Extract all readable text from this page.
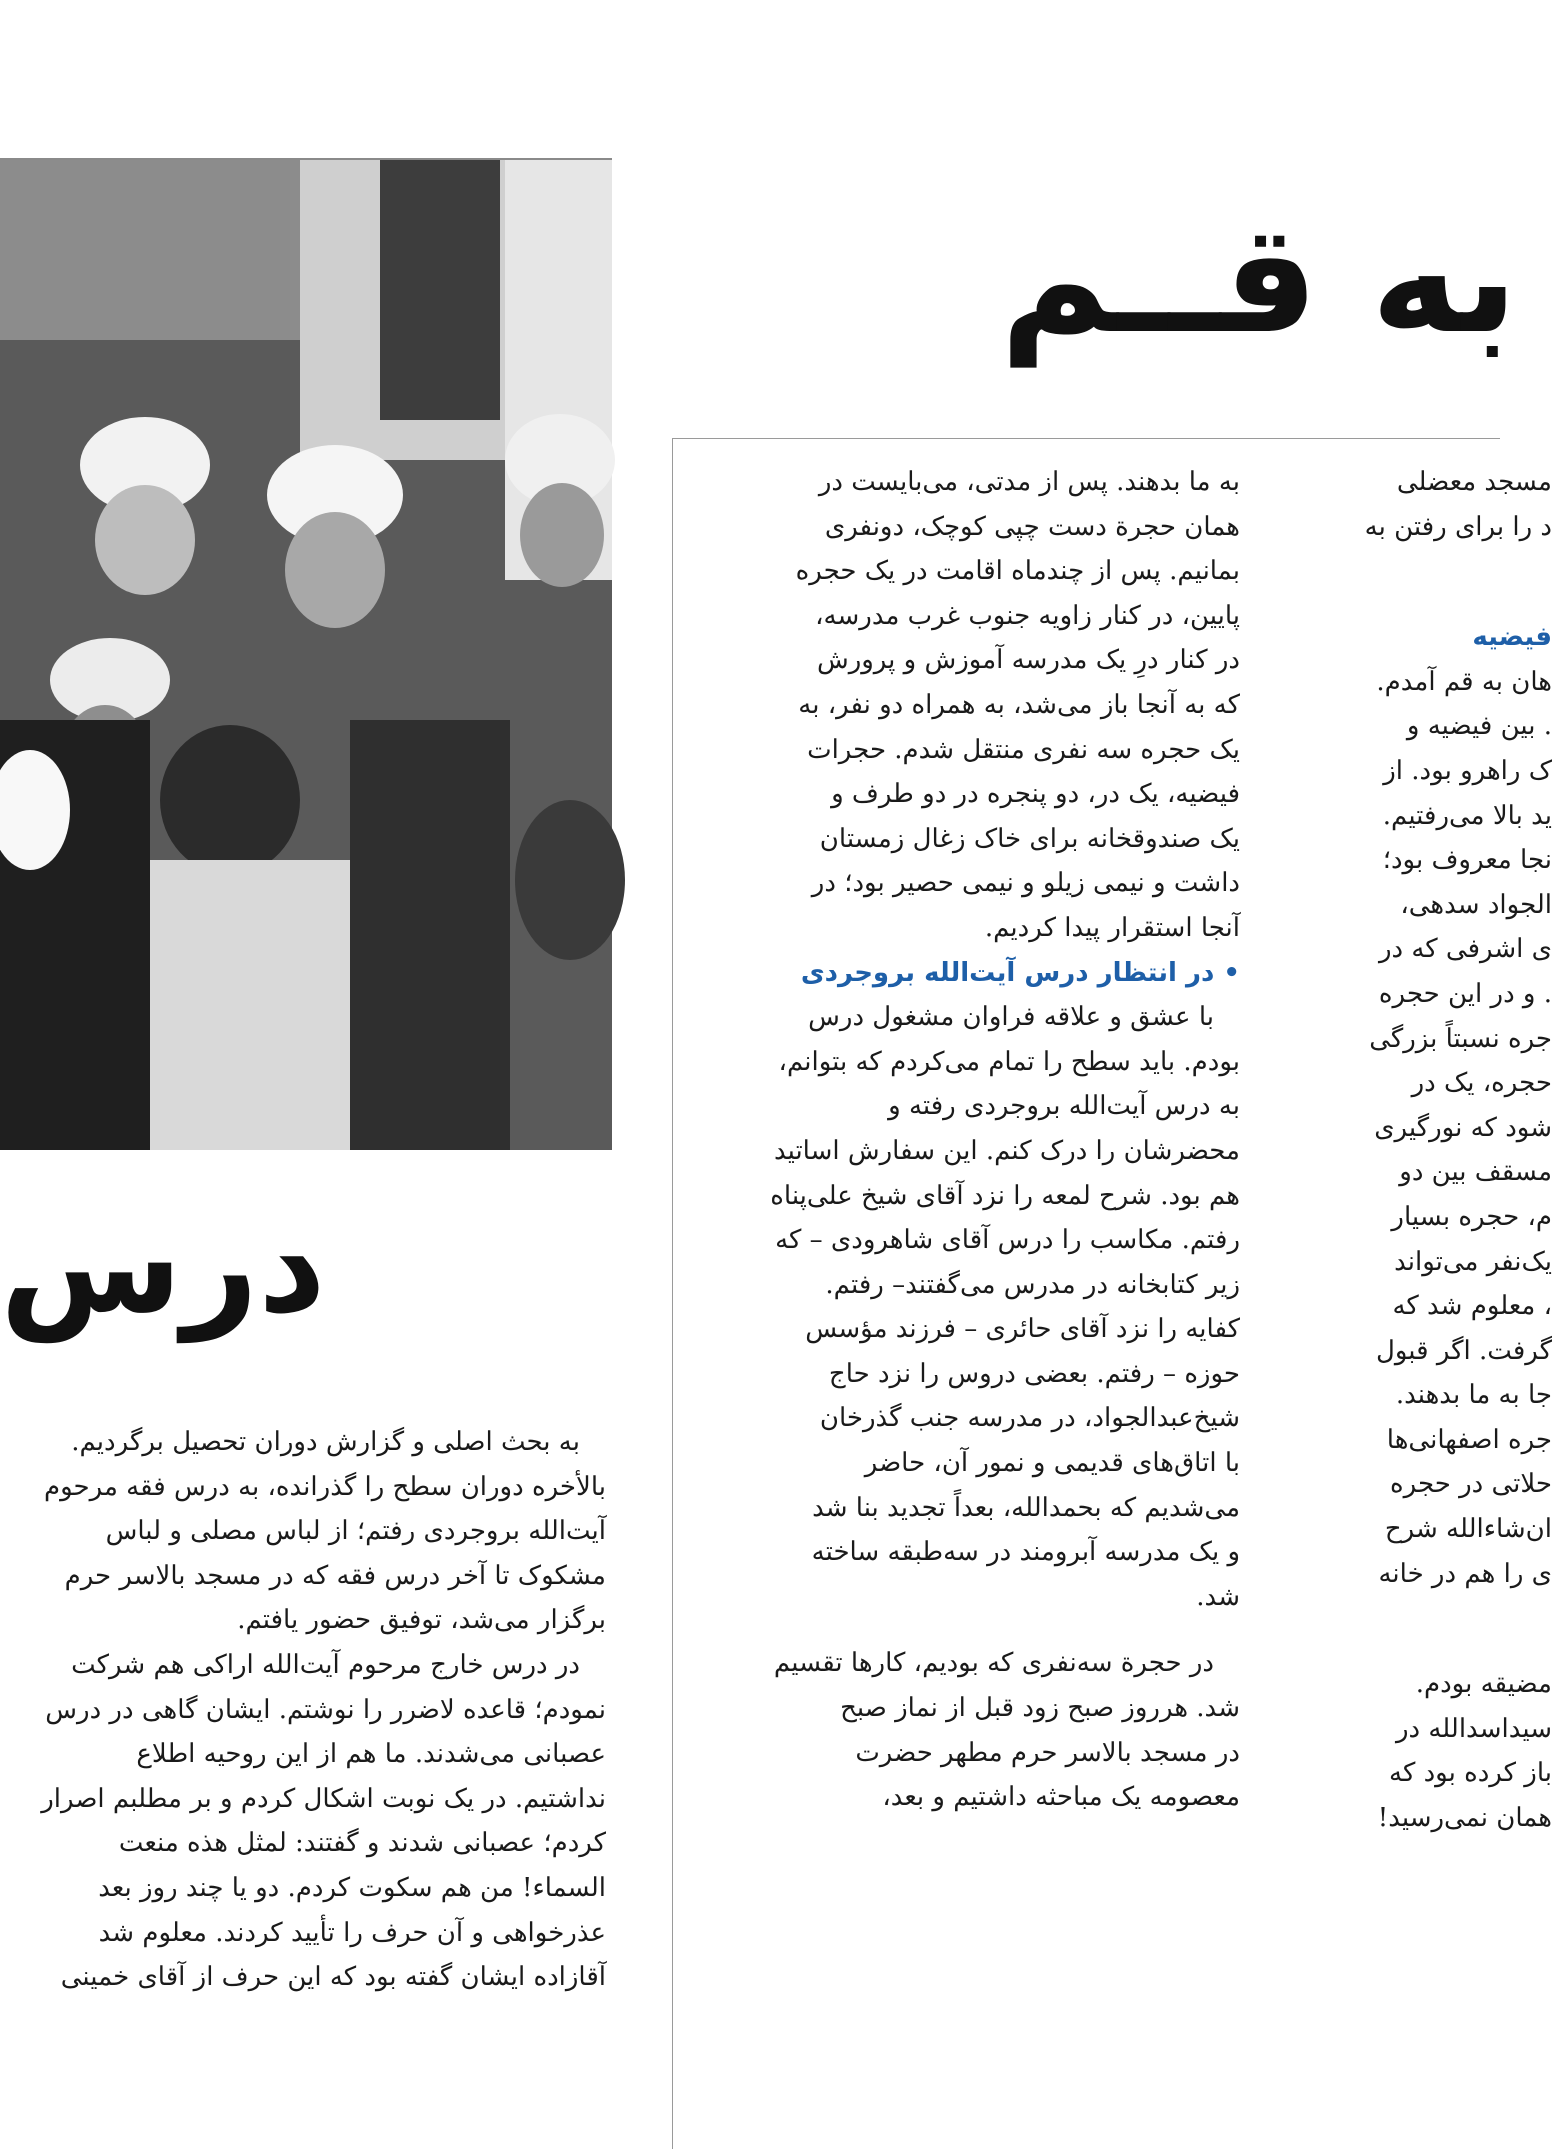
به قــم

مسجد معضلی

د را برای رفتن به

فیضیه

هان به قم آمدم.

. بین فیضیه و

ک راهرو بود. از

ید بالا می‌رفتیم.

نجا معروف بود؛

الجواد سدهی،

ی اشرفی که در

. و در این حجره

جره نسبتاً بزرگی

حجره، یک در

شود که نورگیری

مسقف بین دو

م، حجره بسیار

یک‌نفر می‌تواند

، معلوم شد که

گرفت. اگر قبول

جا به ما بدهند.

جره اصفهانی‌ها

حلاتی در حجره

ان‌شاءالله شرح

ی را هم در خانه

مضیقه بودم.

سیداسدالله در

باز کرده بود که

همان نمی‌رسید!

به ما بدهند. پس از مدتی، می‌بایست در

همان حجرة دست چپی کوچک، دونفری

بمانیم. پس از چندماه اقامت در یک حجره

پایین، در کنار زاویه جنوب غرب مدرسه،

در کنار درِ یک مدرسه آموزش و پرورش

که به آنجا باز می‌شد، به همراه دو نفر، به

یک حجره سه نفری منتقل شدم. حجرات

فیضیه، یک در، دو پنجره در دو طرف و

یک صندوقخانه برای خاک زغال زمستان

داشت و نیمی زیلو و نیمی حصیر بود؛ در

آنجا استقرار پیدا کردیم.

• در انتظار درس آیت‌الله بروجردی

با عشق و علاقه فراوان مشغول درس

بودم. باید سطح را تمام می‌کردم که بتوانم،

به درس آیت‌الله بروجردی رفته و

محضرشان را درک کنم. این سفارش اساتید

هم بود. شرح لمعه را نزد آقای شیخ علی‌پناه

رفتم. مکاسب را درس آقای شاهرودی – که

زیر کتابخانه در مدرس می‌گفتند– رفتم.

کفایه را نزد آقای حائری – فرزند مؤسس

حوزه – رفتم. بعضی دروس را نزد حاج

شیخ‌عبدالجواد، در مدرسه جنب گذرخان

با اتاق‌های قدیمی و نمور آن، حاضر

می‌شدیم که بحمدالله، بعداً تجدید بنا شد

و یک مدرسه آبرومند در سه‌طبقه ساخته

شد.

در حجرة سه‌نفری که بودیم، کارها تقسیم

شد. هرروز صبح زود قبل از نماز صبح

در مسجد بالاسر حرم مطهر حضرت

معصومه یک مباحثه داشتیم و بعد،

درس

به بحث اصلی و گزارش دوران تحصیل برگردیم.

بالأخره دوران سطح را گذرانده، به درس فقه مرحوم

آیت‌الله بروجردی رفتم؛ از لباس مصلی و لباس

مشکوک تا آخر درس فقه که در مسجد بالاسر حرم

برگزار می‌شد، توفیق حضور یافتم.

در درس خارج مرحوم آیت‌الله اراکی هم شرکت

نمودم؛ قاعده لاضرر را نوشتم. ایشان گاهی در درس

عصبانی می‌شدند. ما هم از این روحیه اطلاع

نداشتیم. در یک نوبت اشکال کردم و بر مطلبم اصرار

کردم؛ عصبانی شدند و گفتند: لمثل هذه منعت

السماء! من هم سکوت کردم. دو یا چند روز بعد

عذرخواهی و آن حرف را تأیید کردند. معلوم شد

آقازاده ایشان گفته بود که این حرف از آقای خمینی
